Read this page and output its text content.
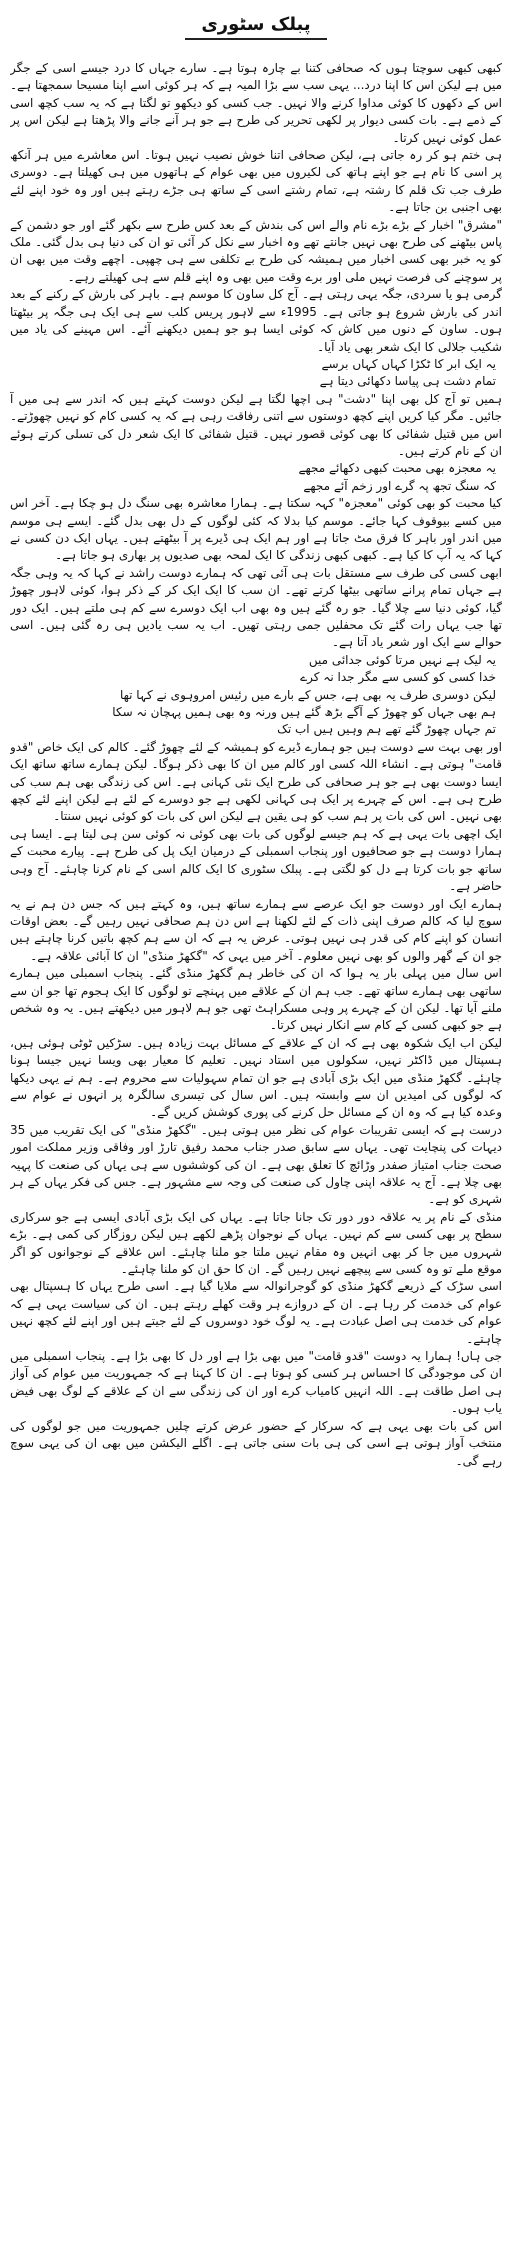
پبلک سٹوری

کبھی کبھی سوچتا ہوں کہ صحافی کتنا بے چارہ ہوتا ہے۔ سارے جہاں کا درد جیسے اسی کے جگر میں ہے لیکن اس کا اپنا درد... یہی سب سے بڑا المیہ ہے کہ ہر کوئی اسے اپنا مسیحا سمجھتا ہے۔ اس کے دکھوں کا کوئی مداوا کرنے والا نہیں۔ جب کسی کو دیکھو تو لگتا ہے کہ یہ سب کچھ اسی کے ذمے ہے۔ بات کسی دیوار پر لکھی تحریر کی طرح ہے جو ہر آنے جانے والا پڑھتا ہے لیکن اس پر عمل کوئی نہیں کرتا۔

ہی ختم ہو کر رہ جاتی ہے، لیکن صحافی اتنا خوش نصیب نہیں ہوتا۔ اس معاشرے میں ہر آنکھ پر اسی کا نام ہے جو اپنے ہاتھ کی لکیروں میں بھی عوام کے ہاتھوں میں ہی کھیلتا ہے۔ دوسری طرف جب تک قلم کا رشتہ ہے، تمام رشتے اسی کے ساتھ ہی جڑے رہتے ہیں اور وہ خود اپنے لئے بھی اجنبی بن جاتا ہے۔

"مشرق" اخبار کے بڑے بڑے نام والے اس کی بندش کے بعد کس طرح سے بکھر گئے اور جو دشمن کے پاس بیٹھنے کی طرح بھی نہیں جانتے تھے وہ اخبار سے نکل کر آئی تو ان کی دنیا ہی بدل گئی۔ ملک کو یہ خبر بھی کسی اخبار میں ہمیشہ کی طرح بے تکلفی سے ہی چھپی۔ اچھے وقت میں بھی ان پر سوچنے کی فرصت نہیں ملی اور برے وقت میں بھی وہ اپنے قلم سے ہی کھیلتے رہے۔

گرمی ہو یا سردی، جگہ یہی رہتی ہے۔ آج کل ساون کا موسم ہے۔ باہر کی بارش کے رکنے کے بعد اندر کی بارش شروع ہو جاتی ہے۔ 1995ء سے لاہور پریس کلب سے ہی ایک ہی جگہ پر بیٹھتا ہوں۔ ساون کے دنوں میں کاش کہ کوئی ایسا ہو جو ہمیں دیکھنے آئے۔ اس مہینے کی یاد میں شکیب جلالی کا ایک شعر بھی یاد آیا۔

یہ ایک ابر کا ٹکڑا کہاں کہاں برسے

تمام دشت ہی پیاسا دکھائی دیتا ہے

ہمیں تو آج کل بھی اپنا "دشت" ہی اچھا لگتا ہے لیکن دوست کہتے ہیں کہ اندر سے ہی میں آ جائیں۔ مگر کیا کریں اپنے کچھ دوستوں سے اتنی رفاقت رہی ہے کہ یہ کسی کام کو نہیں چھوڑتے۔ اس میں قتیل شفائی کا بھی کوئی قصور نہیں۔ قتیل شفائی کا ایک شعر دل کی تسلی کرتے ہوئے ان کے نام کرتے ہیں۔

یہ معجزہ بھی محبت کبھی دکھائے مجھے

کہ سنگ تجھ پہ گرے اور زخم آئے مجھے

کیا محبت کو بھی کوئی "معجزہ" کہہ سکتا ہے۔ ہمارا معاشرہ بھی سنگ دل ہو چکا ہے۔ آخر اس میں کسے بیوقوف کہا جائے۔ موسم کیا بدلا کہ کئی لوگوں کے دل بھی بدل گئے۔ ایسے ہی موسم میں اندر اور باہر کا فرق مٹ جاتا ہے اور ہم ایک ہی ڈیرے پر آ بیٹھتے ہیں۔ یہاں ایک دن کسی نے کہا کہ یہ آپ کا کیا ہے۔ کبھی کبھی زندگی کا ایک لمحہ بھی صدیوں پر بھاری ہو جاتا ہے۔

ابھی کسی کی طرف سے مستقل بات ہی آئی تھی کہ ہمارے دوست راشد نے کہا کہ یہ وہی جگہ ہے جہاں تمام پرانے ساتھی بیٹھا کرتے تھے۔ ان سب کا ایک ایک کر کے ذکر ہوا، کوئی لاہور چھوڑ گیا، کوئی دنیا سے چلا گیا۔ جو رہ گئے ہیں وہ بھی اب ایک دوسرے سے کم ہی ملتے ہیں۔ ایک دور تھا جب یہاں رات گئے تک محفلیں جمی رہتی تھیں۔ اب یہ سب یادیں ہی رہ گئی ہیں۔ اسی حوالے سے ایک اور شعر یاد آتا ہے۔

یہ لیک ہے نہیں مرتا کوئی جدائی میں

خدا کسی کو کسی سے مگر جدا نہ کرے

لیکن دوسری طرف یہ بھی ہے، جس کے بارے میں رئیس امروہوی نے کہا تھا

ہم بھی جہاں کو چھوڑ کے آگے بڑھ گئے ہیں ورنہ وہ بھی ہمیں پہچان نہ سکا

تم جہاں چھوڑ گئے تھے ہم وہیں ہیں اب تک

اور بھی بہت سے دوست ہیں جو ہمارے ڈیرے کو ہمیشہ کے لئے چھوڑ گئے۔ کالم کی ایک خاص "قدو قامت" ہوتی ہے۔ انشاء اللہ کسی اور کالم میں ان کا بھی ذکر ہوگا۔ لیکن ہمارے ساتھ ساتھ ایک ایسا دوست بھی ہے جو ہر صحافی کی طرح ایک نئی کہانی ہے۔ اس کی زندگی بھی ہم سب کی طرح ہی ہے۔ اس کے چہرے پر ایک ہی کہانی لکھی ہے جو دوسرے کے لئے ہے لیکن اپنے لئے کچھ بھی نہیں۔ اس کی بات پر ہم سب کو ہی یقین ہے لیکن اس کی بات کو کوئی نہیں سنتا۔

ایک اچھی بات یہی ہے کہ ہم جیسے لوگوں کی بات بھی کوئی نہ کوئی سن ہی لیتا ہے۔ ایسا ہی ہمارا دوست ہے جو صحافیوں اور پنجاب اسمبلی کے درمیان ایک پل کی طرح ہے۔ پیارے محبت کے ساتھ جو بات کرتا ہے دل کو لگتی ہے۔ پبلک سٹوری کا ایک کالم اسی کے نام کرنا چاہئے۔ آج وہی حاضر ہے۔

ہمارے ایک اور دوست جو ایک عرصے سے ہمارے ساتھ ہیں، وہ کہتے ہیں کہ جس دن ہم نے یہ سوچ لیا کہ کالم صرف اپنی ذات کے لئے لکھنا ہے اس دن ہم صحافی نہیں رہیں گے۔ بعض اوقات انسان کو اپنے کام کی قدر ہی نہیں ہوتی۔ عرض یہ ہے کہ ان سے ہم کچھ باتیں کرنا چاہتے ہیں جو ان کے گھر والوں کو بھی نہیں معلوم۔ آخر میں یہی کہ "گکھڑ منڈی" ان کا آبائی علاقہ ہے۔

اس سال میں پہلی بار یہ ہوا کہ ان کی خاطر ہم گکھڑ منڈی گئے۔ پنجاب اسمبلی میں ہمارے ساتھی بھی ہمارے ساتھ تھے۔ جب ہم ان کے علاقے میں پہنچے تو لوگوں کا ایک ہجوم تھا جو ان سے ملنے آیا تھا۔ لیکن ان کے چہرے پر وہی مسکراہٹ تھی جو ہم لاہور میں دیکھتے ہیں۔ یہ وہ شخص ہے جو کبھی کسی کے کام سے انکار نہیں کرتا۔

لیکن اب ایک شکوہ بھی ہے کہ ان کے علاقے کے مسائل بہت زیادہ ہیں۔ سڑکیں ٹوٹی ہوئی ہیں، ہسپتال میں ڈاکٹر نہیں، سکولوں میں استاد نہیں۔ تعلیم کا معیار بھی ویسا نہیں جیسا ہونا چاہئے۔ گکھڑ منڈی میں ایک بڑی آبادی ہے جو ان تمام سہولیات سے محروم ہے۔ ہم نے یہی دیکھا کہ لوگوں کی امیدیں ان سے وابستہ ہیں۔ اس سال کی تیسری سالگرہ پر انہوں نے عوام سے وعدہ کیا ہے کہ وہ ان کے مسائل حل کرنے کی پوری کوشش کریں گے۔

درست ہے کہ ایسی تقریبات عوام کی نظر میں ہوتی ہیں۔ "گکھڑ منڈی" کی ایک تقریب میں 35 دیہات کی پنچایت تھی۔ یہاں سے سابق صدر جناب محمد رفیق تارڑ اور وفاقی وزیر مملکت امور صحت جناب امتیاز صفدر وڑائچ کا تعلق بھی ہے۔ ان کی کوششوں سے ہی یہاں کی صنعت کا پہیہ بھی چلا ہے۔ آج یہ علاقہ اپنی چاول کی صنعت کی وجہ سے مشہور ہے۔ جس کی فکر یہاں کے ہر شہری کو ہے۔

منڈی کے نام پر یہ علاقہ دور دور تک جانا جاتا ہے۔ یہاں کی ایک بڑی آبادی ایسی ہے جو سرکاری سطح پر بھی کسی سے کم نہیں۔ یہاں کے نوجوان پڑھے لکھے ہیں لیکن روزگار کی کمی ہے۔ بڑے شہروں میں جا کر بھی انہیں وہ مقام نہیں ملتا جو ملنا چاہئے۔ اس علاقے کے نوجوانوں کو اگر موقع ملے تو وہ کسی سے پیچھے نہیں رہیں گے۔ ان کا حق ان کو ملنا چاہئے۔

اسی سڑک کے ذریعے گکھڑ منڈی کو گوجرانوالہ سے ملایا گیا ہے۔ اسی طرح یہاں کا ہسپتال بھی عوام کی خدمت کر رہا ہے۔ ان کے دروازے ہر وقت کھلے رہتے ہیں۔ ان کی سیاست یہی ہے کہ عوام کی خدمت ہی اصل عبادت ہے۔ یہ لوگ خود دوسروں کے لئے جیتے ہیں اور اپنے لئے کچھ نہیں چاہتے۔

جی ہاں! ہمارا یہ دوست "قدو قامت" میں بھی بڑا ہے اور دل کا بھی بڑا ہے۔ پنجاب اسمبلی میں ان کی موجودگی کا احساس ہر کسی کو ہوتا ہے۔ ان کا کہنا ہے کہ جمہوریت میں عوام کی آواز ہی اصل طاقت ہے۔ اللہ انہیں کامیاب کرے اور ان کی زندگی سے ان کے علاقے کے لوگ بھی فیض یاب ہوں۔

اس کی بات بھی یہی ہے کہ سرکار کے حضور عرض کرتے چلیں جمہوریت میں جو لوگوں کی منتخب آواز ہوتی ہے اسی کی ہی بات سنی جاتی ہے۔ اگلے الیکشن میں بھی ان کی یہی سوچ رہے گی۔
